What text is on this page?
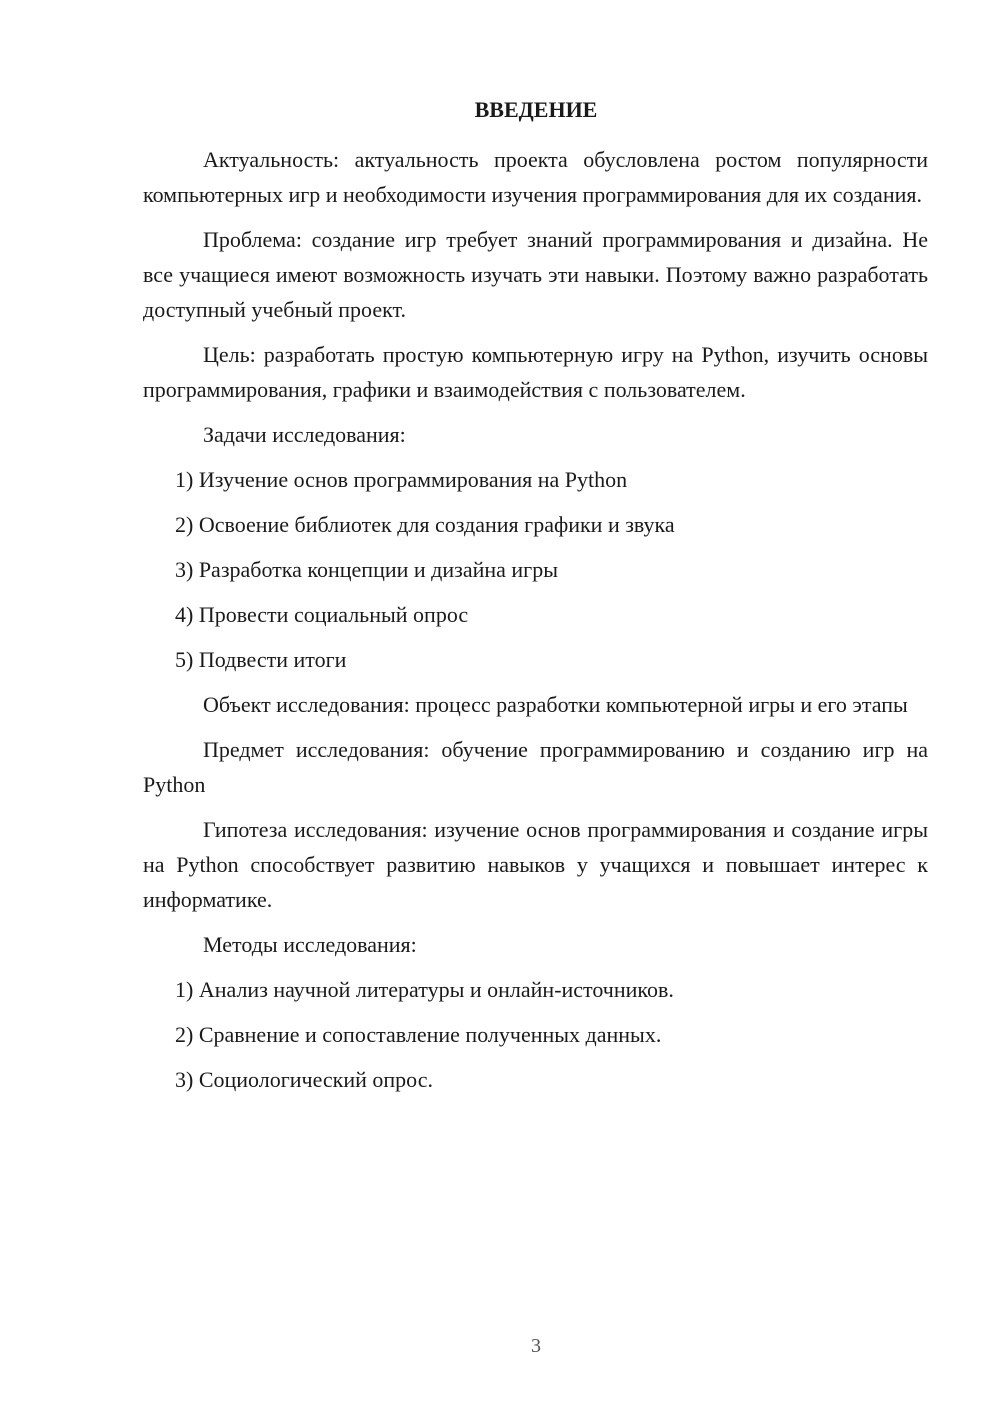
ВВЕДЕНИЕ

Актуальность: актуальность проекта обусловлена ростом популярности компьютерных игр и необходимости изучения программирования для их создания.

Проблема: создание игр требует знаний программирования и дизайна. Не все учащиеся имеют возможность изучать эти навыки. Поэтому важно разработать доступный учебный проект.

Цель: разработать простую компьютерную игру на Python, изучить основы программирования, графики и взаимодействия с пользователем.

Задачи исследования:

1) Изучение основ программирования на Python
2) Освоение библиотек для создания графики и звука
3) Разработка концепции и дизайна игры
4) Провести социальный опрос
5) Подвести итоги

Объект исследования: процесс разработки компьютерной игры и его этапы

Предмет исследования: обучение программированию и созданию игр на Python

Гипотеза исследования: изучение основ программирования и создание игры на Python способствует развитию навыков у учащихся и повышает интерес к информатике.

Методы исследования:

1) Анализ научной литературы и онлайн-источников.
2) Сравнение и сопоставление полученных данных.
3) Социологический опрос.
3
